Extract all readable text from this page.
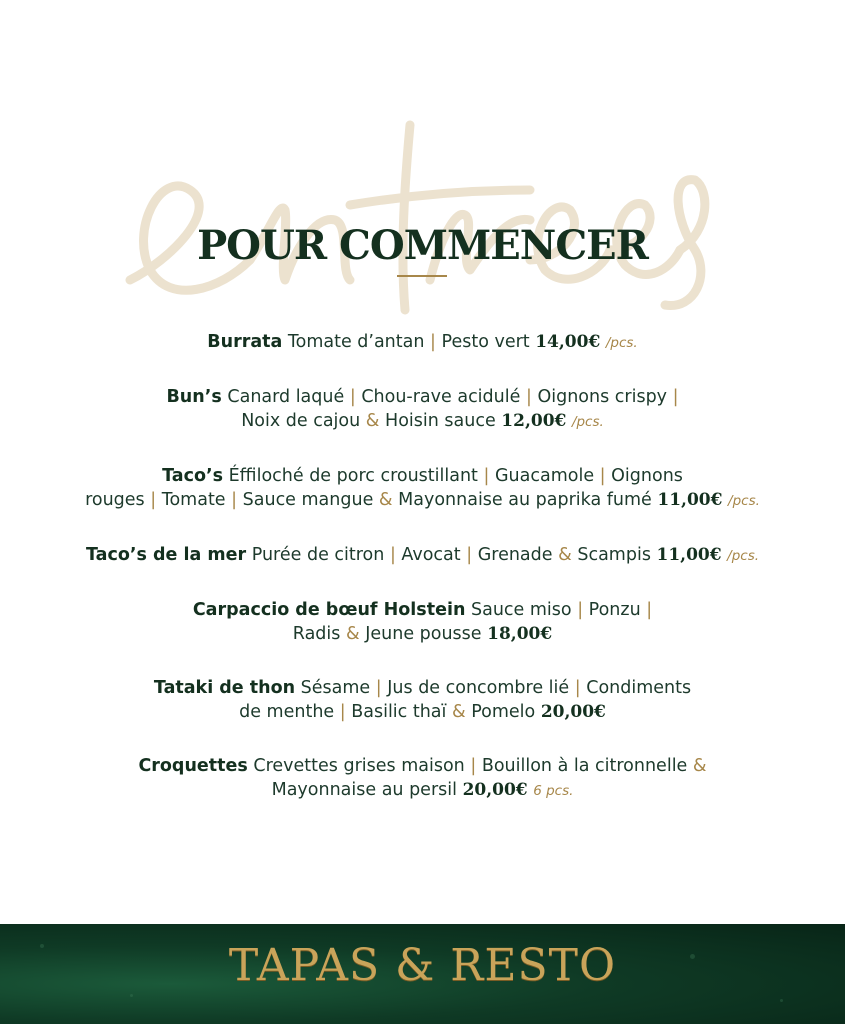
POUR COMMENCER
Burrata Tomate d’antan | Pesto vert 14,00€ /pcs.
Bun’s Canard laqué | Chou-rave acidulé | Oignons crispy |
Noix de cajou & Hoisin sauce 12,00€ /pcs.
Taco’s Éffiloché de porc croustillant | Guacamole | Oignons
rouges | Tomate | Sauce mangue & Mayonnaise au paprika fumé 11,00€ /pcs.
Taco’s de la mer Purée de citron | Avocat | Grenade & Scampis 11,00€ /pcs.
Carpaccio de bœuf Holstein Sauce miso | Ponzu |
Radis & Jeune pousse 18,00€
Tataki de thon Sésame | Jus de concombre lié | Condiments
de menthe | Basilic thaï & Pomelo 20,00€
Croquettes Crevettes grises maison | Bouillon à la citronnelle &
Mayonnaise au persil 20,00€ 6 pcs.
TAPAS & RESTO
